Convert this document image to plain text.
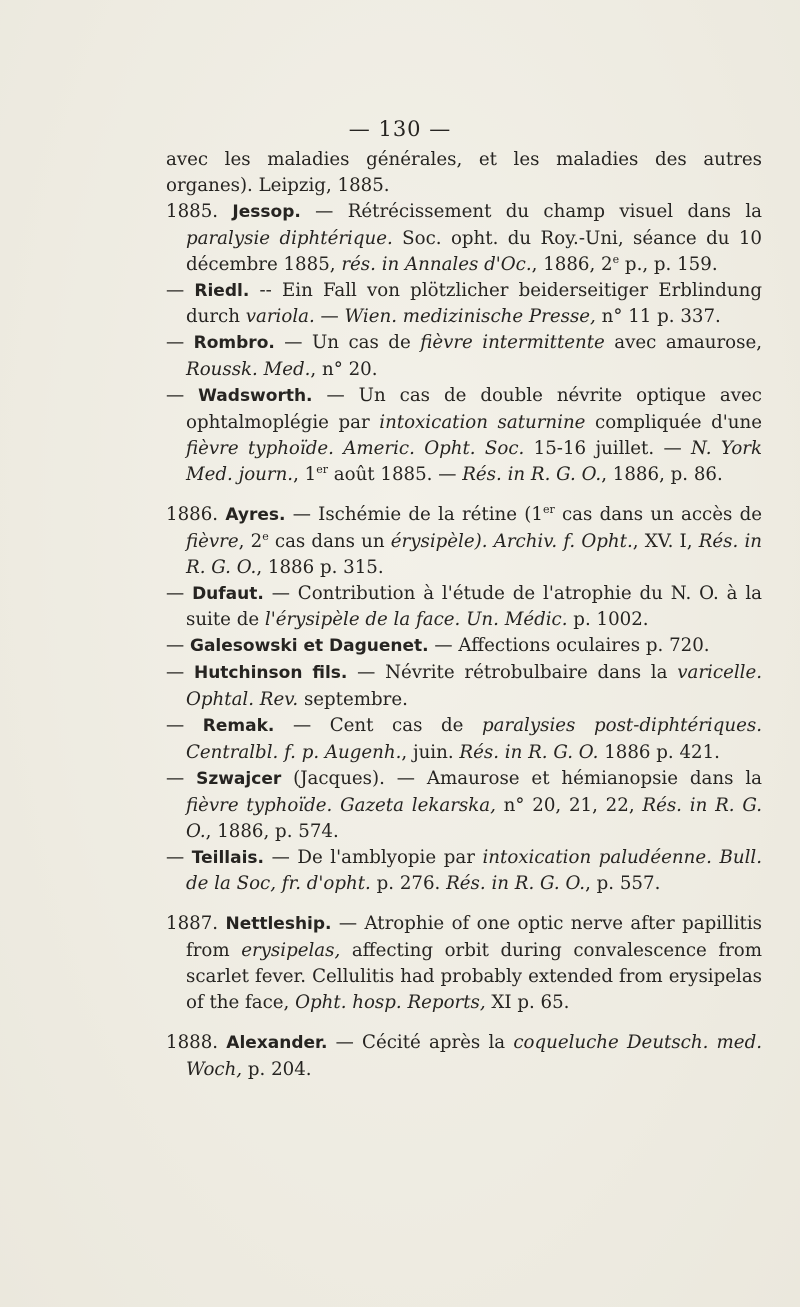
— 130 —

avec les maladies générales, et les maladies des autres organes). Leipzig, 1885.

1885. Jessop. — Rétrécissement du champ visuel dans la paralysie diphtérique. Soc. opht. du Roy.-Uni, séance du 10 décembre 1885, rés. in Annales d'Oc., 1886, 2e p., p. 159.

— Riedl. -- Ein Fall von plötzlicher beiderseitiger Erblindung durch variola. — Wien. medizinische Presse, n° 11 p. 337.

— Rombro. — Un cas de fièvre intermittente avec amaurose, Roussk. Med., n° 20.

— Wadsworth. — Un cas de double névrite optique avec ophtalmoplégie par intoxication saturnine compliquée d'une fièvre typhoïde. Americ. Opht. Soc. 15-16 juillet. — N. York Med. journ., 1er août 1885. — Rés. in R. G. O., 1886, p. 86.

1886. Ayres. — Ischémie de la rétine (1er cas dans un accès de fièvre, 2e cas dans un érysipèle). Archiv. f. Opht., XV. I, Rés. in R. G. O., 1886 p. 315.

— Dufaut. — Contribution à l'étude de l'atrophie du N. O. à la suite de l'érysipèle de la face. Un. Médic. p. 1002.

— Galesowski et Daguenet. — Affections oculaires p. 720.

— Hutchinson fils. — Névrite rétrobulbaire dans la varicelle. Ophtal. Rev. septembre.

— Remak. — Cent cas de paralysies post-diphtériques. Centralbl. f. p. Augenh., juin. Rés. in R. G. O. 1886 p. 421.

— Szwajcer (Jacques). — Amaurose et hémianopsie dans la fièvre typhoïde. Gazeta lekarska, n° 20, 21, 22, Rés. in R. G. O., 1886, p. 574.

— Teillais. — De l'amblyopie par intoxication paludéenne. Bull. de la Soc, fr. d'opht. p. 276. Rés. in R. G. O., p. 557.

1887. Nettleship. — Atrophie of one optic nerve after papillitis from erysipelas, affecting orbit during convalescence from scarlet fever. Cellulitis had probably extended from erysipelas of the face, Opht. hosp. Reports, XI p. 65.

1888. Alexander. — Cécité après la coqueluche Deutsch. med. Woch, p. 204.
